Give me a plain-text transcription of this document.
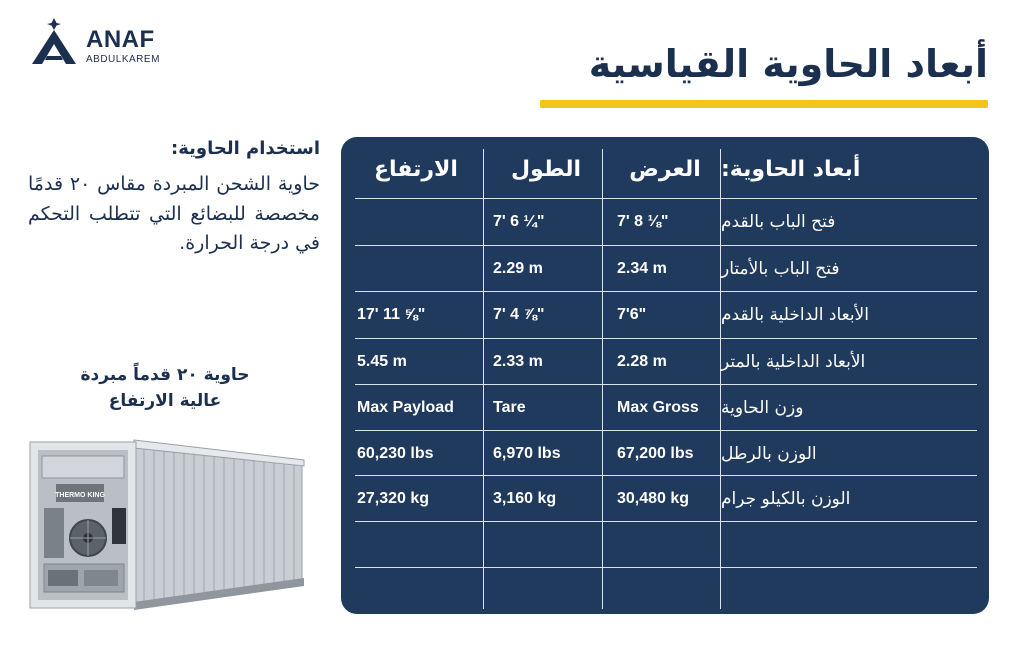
ANAF
ABDULKAREM	أبعاد الحاوية القياسية
أبعاد الحاوية:
العرض
الطول
الارتفاع
فتح الباب بالقدم
7' 8 ⅛"
7' 6 ¼"
فتح الباب بالأمتار
2.34 m
2.29 m
الأبعاد الداخلية بالقدم
7'6"
7' 4 ⅞"
17' 11 ⅝"
الأبعاد الداخلية بالمتر
2.28 m
2.33 m
5.45 m
وزن الحاوية
Max Gross
Tare
Max Payload
الوزن بالرطل
67,200 lbs
6,970 lbs
60,230 lbs
الوزن بالكيلو جرام
30,480 kg
3,160 kg
27,320 kg
استخدام الحاوية:
حاوية الشحن المبردة مقاس ٢٠ قدمًا مخصصة للبضائع التي تتطلب التحكم في درجة الحرارة.
حاوية ٢٠ قدماً مبردة
عالية الارتفاع
THERMO KING
